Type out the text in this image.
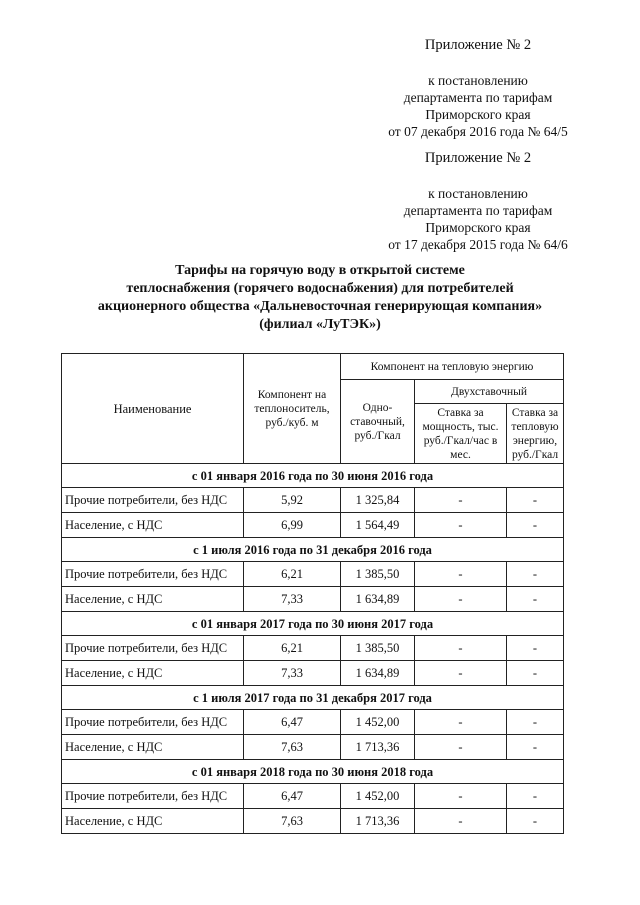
Приложение № 2
к постановлению
департамента по тарифам
Приморского края
от 07 декабря 2016 года № 64/5
Приложение № 2
к постановлению
департамента по тарифам
Приморского края
от 17 декабря 2015 года № 64/6
Тарифы на горячую воду в открытой системе
теплоснабжения (горячего водоснабжения) для потребителей
акционерного общества «Дальневосточная генерирующая компания»
(филиал «ЛуТЭК»)
Наименование	Компонент на теплоноситель, руб./куб. м	Компонент на тепловую энергию		
		Одно-ставочный, руб./Гкал	Двухставочный	
			Ставка за мощность, тыс. руб./Гкал/час в мес.	Ставка за тепловую энергию, руб./Гкал
с 01 января 2016 года по 30 июня 2016 года				
Прочие потребители, без НДС	5,92	1 325,84	-	-
Население, с НДС	6,99	1 564,49	-	-
с 1 июля 2016 года по 31 декабря 2016 года				
Прочие потребители, без НДС	6,21	1 385,50	-	-
Население, с НДС	7,33	1 634,89	-	-
с 01 января 2017 года по 30 июня 2017 года				
Прочие потребители, без НДС	6,21	1 385,50	-	-
Население, с НДС	7,33	1 634,89	-	-
с 1 июля 2017 года по 31 декабря 2017 года				
Прочие потребители, без НДС	6,47	1 452,00	-	-
Население, с НДС	7,63	1 713,36	-	-
с 01 января 2018 года по 30 июня 2018 года				
Прочие потребители, без НДС	6,47	1 452,00	-	-
Население, с НДС	7,63	1 713,36	-	-
